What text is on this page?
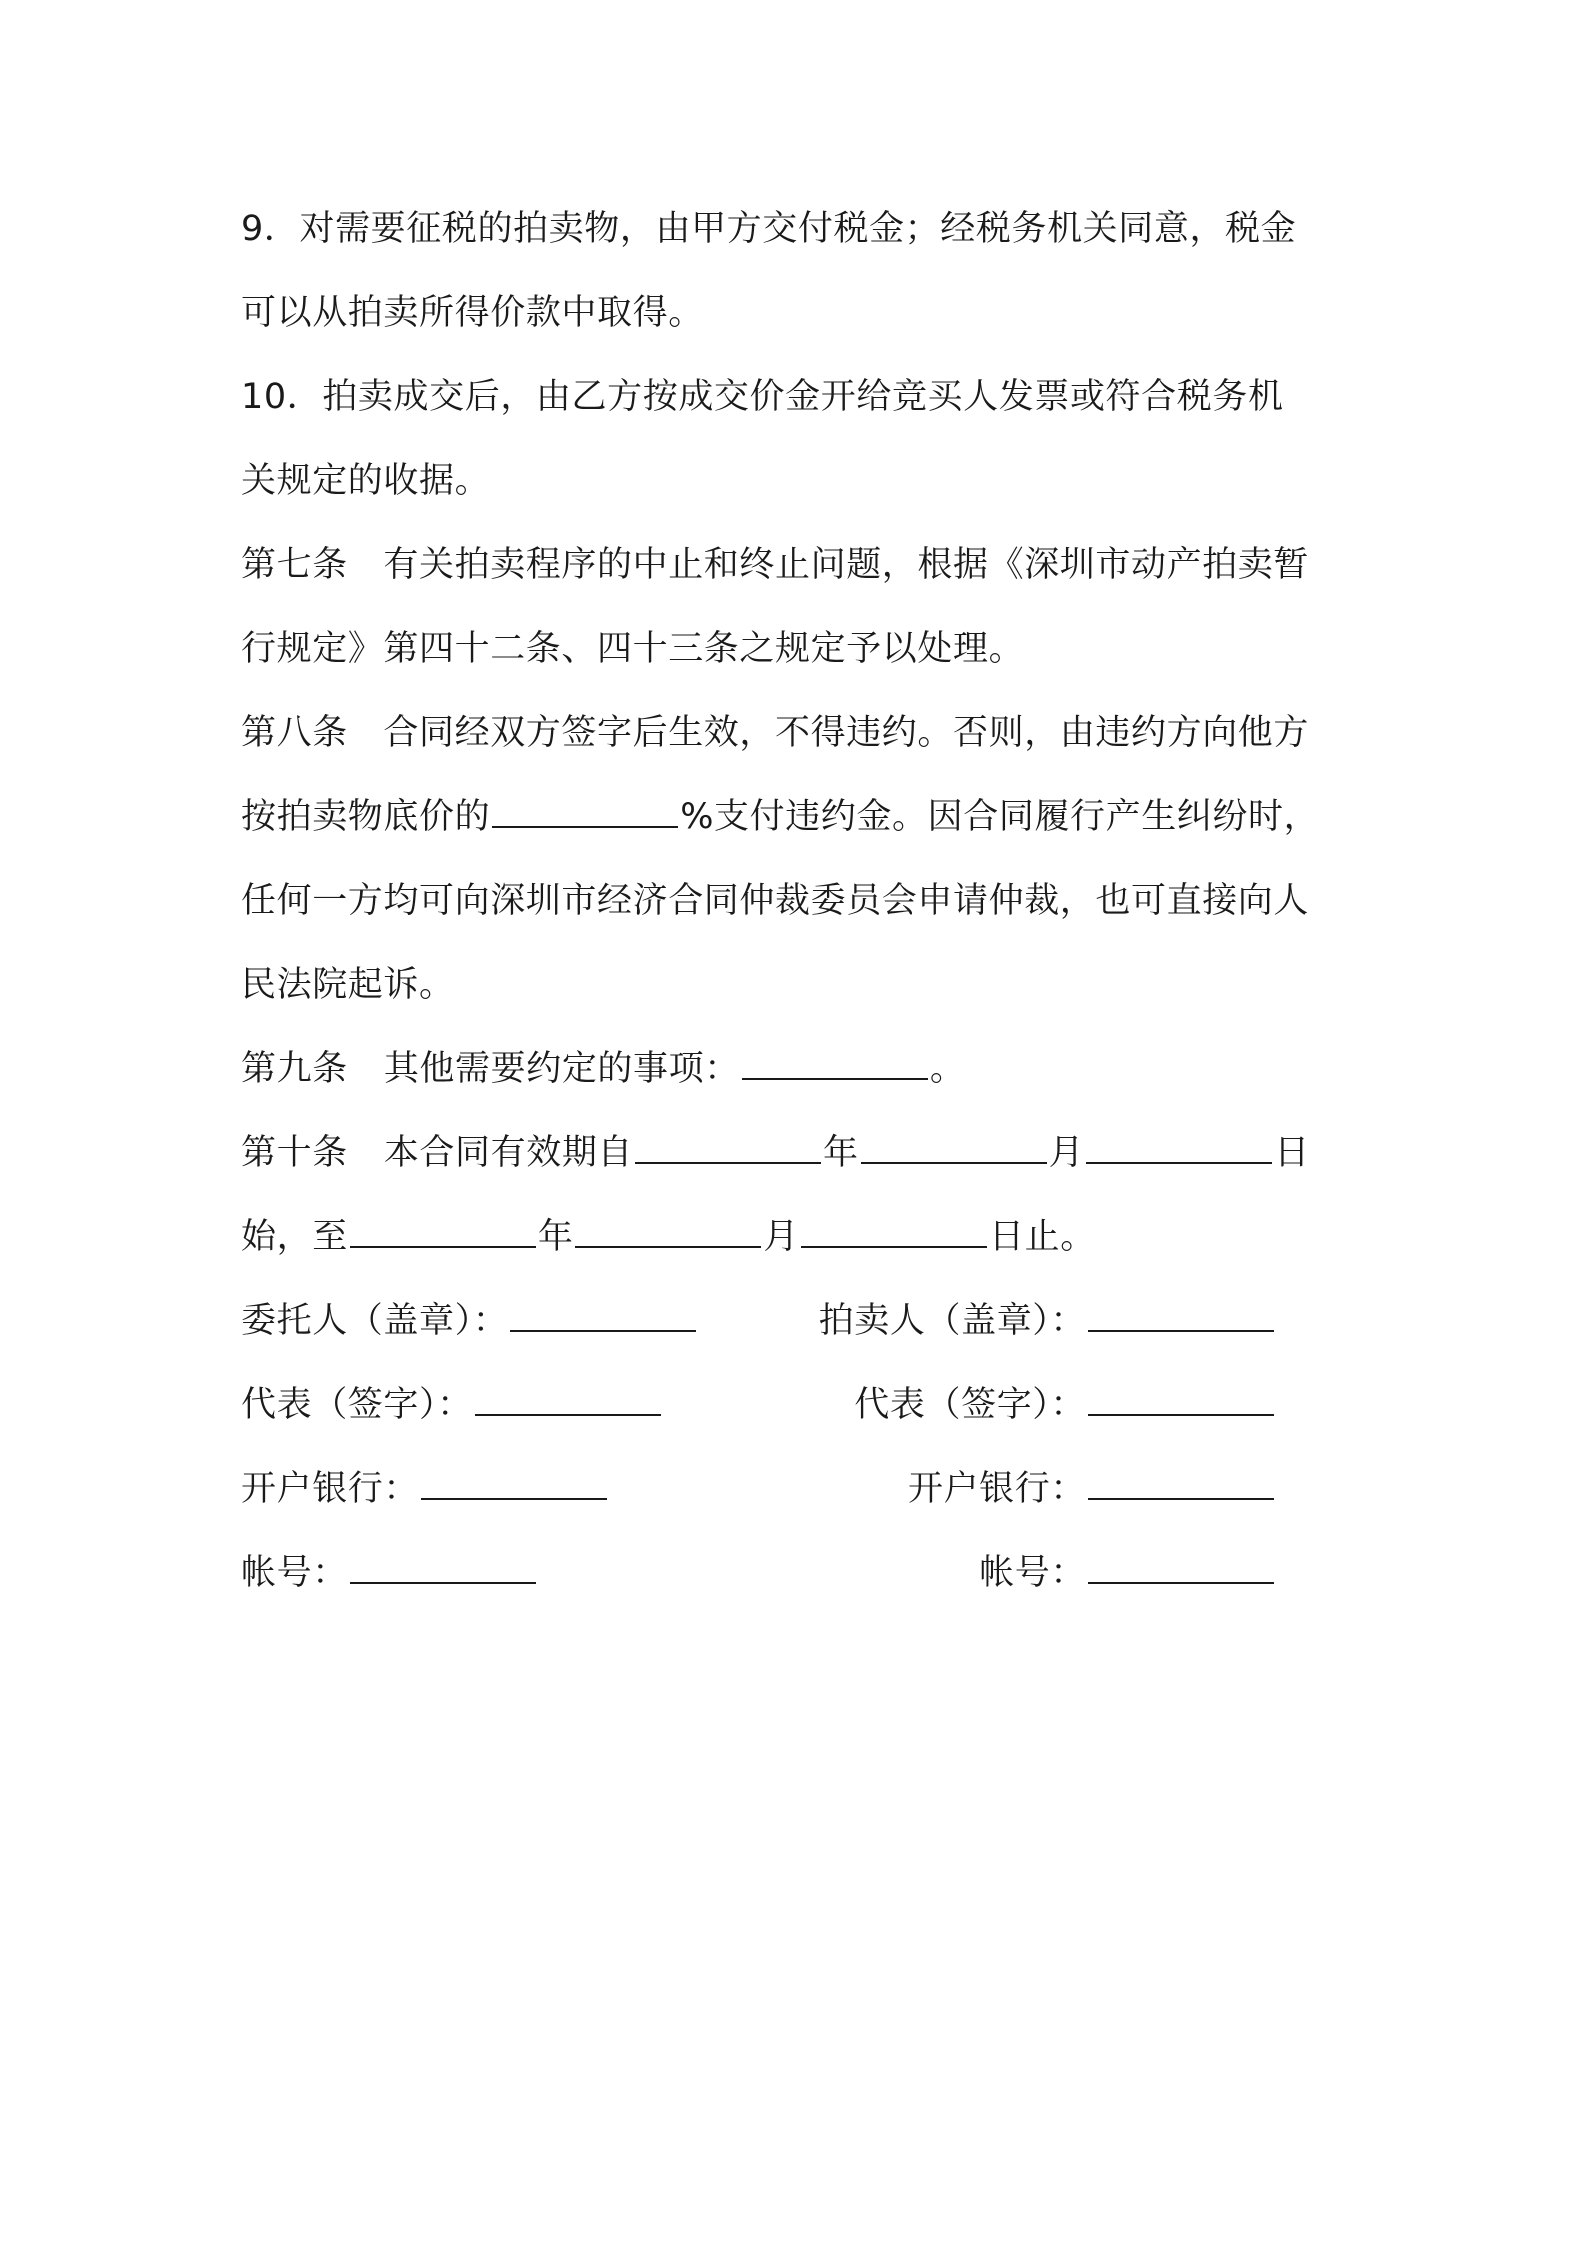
9．对需要征税的拍卖物，由甲方交付税金；经税务机关同意，税金
可以从拍卖所得价款中取得。
10．拍卖成交后，由乙方按成交价金开给竞买人发票或符合税务机
关规定的收据。
第七条　有关拍卖程序的中止和终止问题，根据《深圳市动产拍卖暂
行规定》第四十二条、四十三条之规定予以处理。
第八条　合同经双方签字后生效，不得违约。否则，由违约方向他方
按拍卖物底价的	%支付违约金。因合同履行产生纠纷时，
任何一方均可向深圳市经济合同仲裁委员会申请仲裁，也可直接向人
民法院起诉。
第九条 其他需要约定的事项：	。
第十条 本合同有效期自	年	月	日
始，至	年	月	日止。
委托人（盖章）：	拍卖人（盖章）：
代表（签字）：	代表（签字）：
开户银行：	开户银行：
帐号：	帐号：
